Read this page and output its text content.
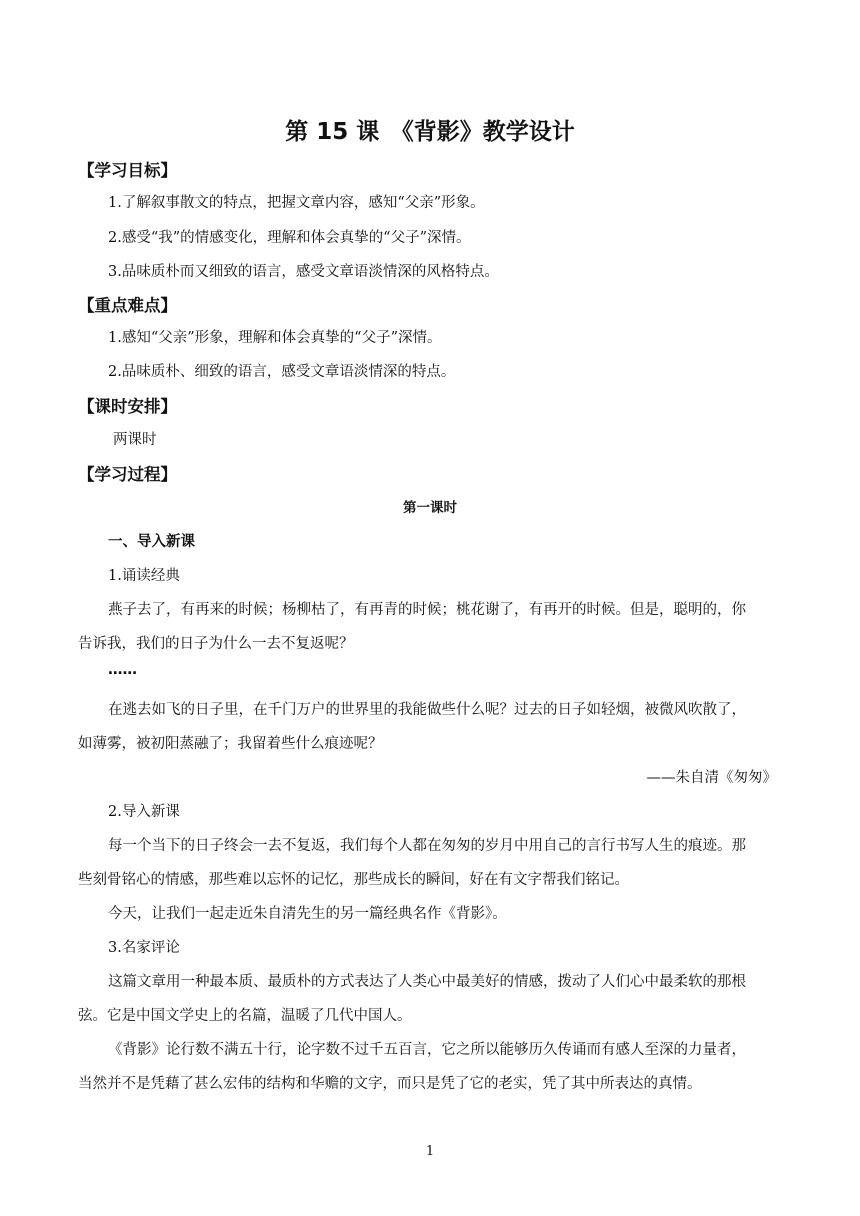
第 15 课　《背影》教学设计
【学习目标】
1.了解叙事散文的特点，把握文章内容，感知“父亲”形象。
2.感受“我”的情感变化，理解和体会真挚的“父子”深情。
3.品味质朴而又细致的语言，感受文章语淡情深的风格特点。
【重点难点】
1.感知“父亲”形象，理解和体会真挚的“父子”深情。
2.品味质朴、细致的语言，感受文章语淡情深的特点。
【课时安排】
两课时
【学习过程】
第一课时
一、导入新课
1.诵读经典
燕子去了，有再来的时候；杨柳枯了，有再青的时候；桃花谢了，有再开的时候。但是，聪明的，你
告诉我，我们的日子为什么一去不复返呢？
……
在逃去如飞的日子里，在千门万户的世界里的我能做些什么呢？过去的日子如轻烟，被微风吹散了，
如薄雾，被初阳蒸融了；我留着些什么痕迹呢？
——朱自清《匆匆》
2.导入新课
每一个当下的日子终会一去不复返，我们每个人都在匆匆的岁月中用自己的言行书写人生的痕迹。那
些刻骨铭心的情感，那些难以忘怀的记忆，那些成长的瞬间，好在有文字帮我们铭记。
今天，让我们一起走近朱自清先生的另一篇经典名作《背影》。
3.名家评论
这篇文章用一种最本质、最质朴的方式表达了人类心中最美好的情感，拨动了人们心中最柔软的那根
弦。它是中国文学史上的名篇，温暖了几代中国人。
《背影》论行数不满五十行，论字数不过千五百言，它之所以能够历久传诵而有感人至深的力量者，
当然并不是凭藉了甚么宏伟的结构和华赡的文字，而只是凭了它的老实，凭了其中所表达的真情。
1
